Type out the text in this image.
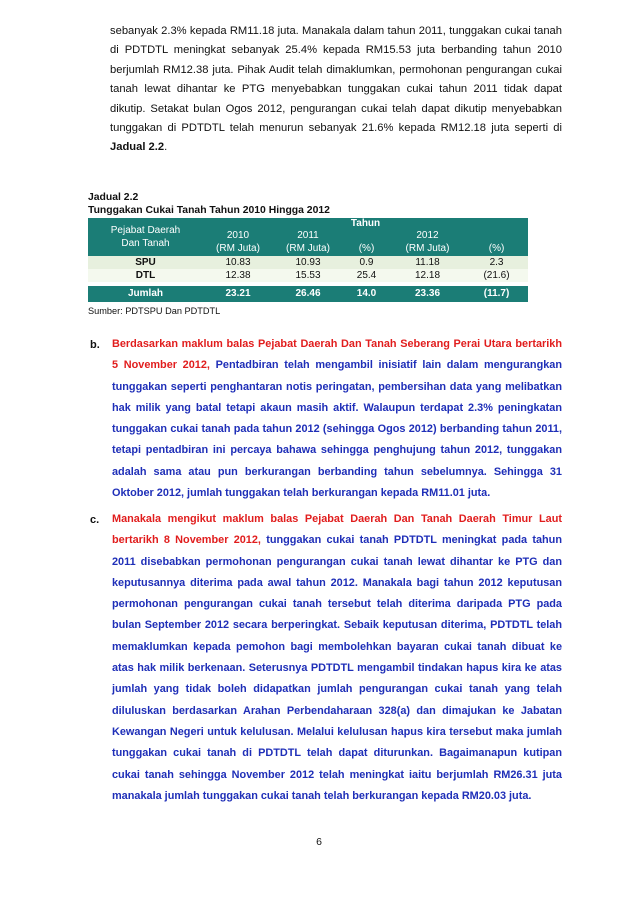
sebanyak 2.3% kepada RM11.18 juta. Manakala dalam tahun 2011, tunggakan cukai tanah di PDTDTL meningkat sebanyak 25.4% kepada RM15.53 juta berbanding tahun 2010 berjumlah RM12.38 juta. Pihak Audit telah dimaklumkan, permohonan pengurangan cukai tanah lewat dihantar ke PTG menyebabkan tunggakan cukai tahun 2011 tidak dapat dikutip. Setakat bulan Ogos 2012, pengurangan cukai telah dapat dikutip menyebabkan tunggakan di PDTDTL telah menurun sebanyak 21.6% kepada RM12.18 juta seperti di Jadual 2.2.
Jadual 2.2
Tunggakan Cukai Tanah Tahun 2010 Hingga 2012
Pejabat Daerah Dan Tanah	Tahun				
	2010	2011		2012	
	(RM Juta)	(RM Juta)	(%)	(RM Juta)	(%)
SPU	10.83	10.93	0.9	11.18	2.3
DTL	12.38	15.53	25.4	12.18	(21.6)

Jumlah	23.21	26.46	14.0	23.36	(11.7)
Sumber: PDTSPU Dan PDTDTL
b. Berdasarkan maklum balas Pejabat Daerah Dan Tanah Seberang Perai Utara bertarikh 5 November 2012, Pentadbiran telah mengambil inisiatif lain dalam mengurangkan tunggakan seperti penghantaran notis peringatan, pembersihan data yang melibatkan hak milik yang batal tetapi akaun masih aktif. Walaupun terdapat 2.3% peningkatan tunggakan cukai tanah pada tahun 2012 (sehingga Ogos 2012) berbanding tahun 2011, tetapi pentadbiran ini percaya bahawa sehingga penghujung tahun 2012, tunggakan adalah sama atau pun berkurangan berbanding tahun sebelumnya. Sehingga 31 Oktober 2012, jumlah tunggakan telah berkurangan kepada RM11.01 juta.
c. Manakala mengikut maklum balas Pejabat Daerah Dan Tanah Daerah Timur Laut bertarikh 8 November 2012, tunggakan cukai tanah PDTDTL meningkat pada tahun 2011 disebabkan permohonan pengurangan cukai tanah lewat dihantar ke PTG dan keputusannya diterima pada awal tahun 2012. Manakala bagi tahun 2012 keputusan permohonan pengurangan cukai tanah tersebut telah diterima daripada PTG pada bulan September 2012 secara berperingkat. Sebaik keputusan diterima, PDTDTL telah memaklumkan kepada pemohon bagi membolehkan bayaran cukai tanah dibuat ke atas hak milik berkenaan. Seterusnya PDTDTL mengambil tindakan hapus kira ke atas jumlah yang tidak boleh didapatkan jumlah pengurangan cukai tanah yang telah diluluskan berdasarkan Arahan Perbendaharaan 328(a) dan dimajukan ke Jabatan Kewangan Negeri untuk kelulusan. Melalui kelulusan hapus kira tersebut maka jumlah tunggakan cukai tanah di PDTDTL telah dapat diturunkan. Bagaimanapun kutipan cukai tanah sehingga November 2012 telah meningkat iaitu berjumlah RM26.31 juta manakala jumlah tunggakan cukai tanah telah berkurangan kepada RM20.03 juta.
6
